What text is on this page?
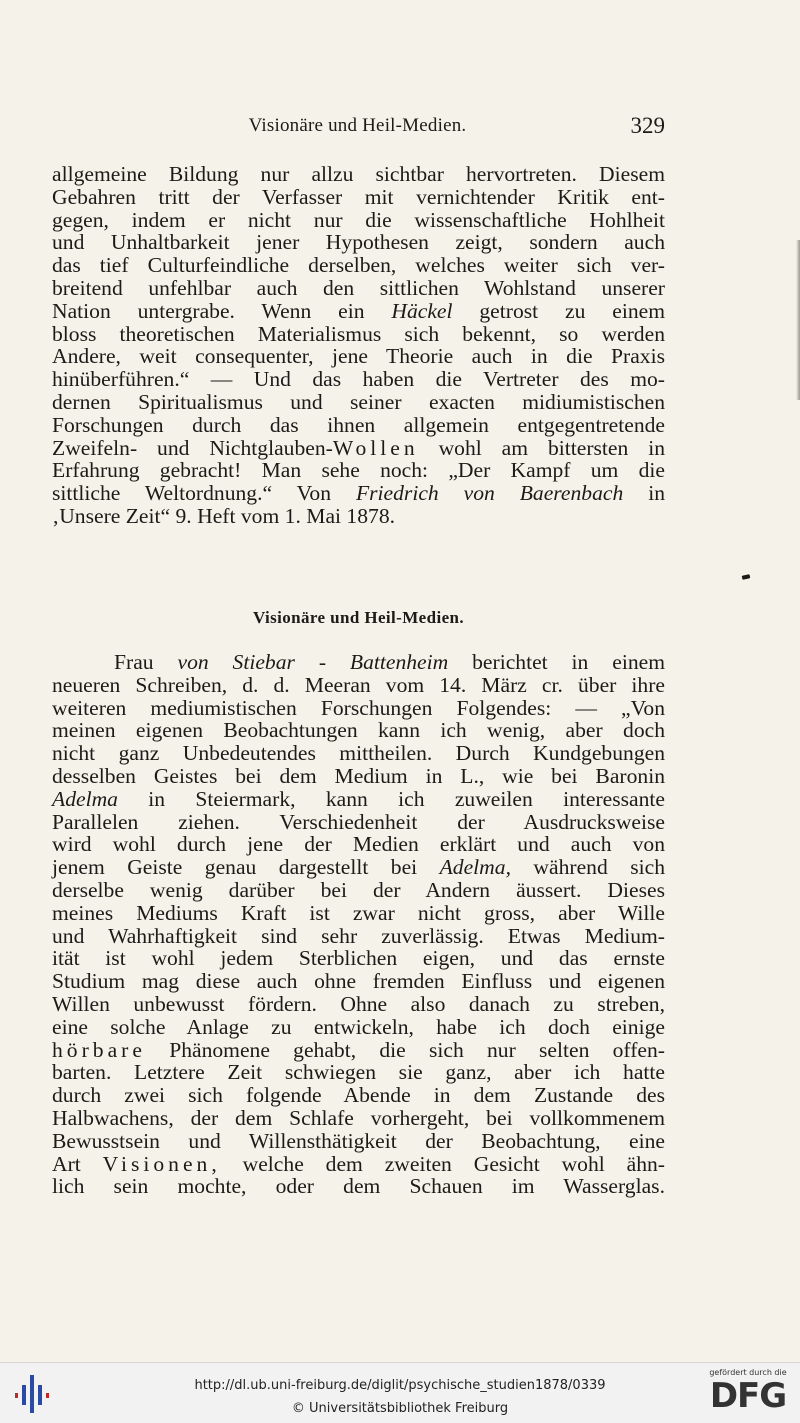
Visionäre und Heil-Medien.	329
allgemeine Bildung nur allzu sichtbar hervortreten. Diesem
Gebahren tritt der Verfasser mit vernichtender Kritik ent-
gegen, indem er nicht nur die wissenschaftliche Hohlheit
und Unhaltbarkeit jener Hypothesen zeigt, sondern auch
das tief Culturfeindliche derselben, welches weiter sich ver-
breitend unfehlbar auch den sittlichen Wohlstand unserer
Nation untergrabe. Wenn ein Häckel getrost zu einem
bloss theoretischen Materialismus sich bekennt, so werden
Andere, weit consequenter, jene Theorie auch in die Praxis
hinüberführen.“ — Und das haben die Vertreter des mo-
dernen Spiritualismus und seiner exacten midiumistischen
Forschungen durch das ihnen allgemein entgegentretende
Zweifeln- und Nichtglauben-Wollen wohl am bittersten in
Erfahrung gebracht! Man sehe noch: „Der Kampf um die
sittliche Weltordnung.“ Von Friedrich von Baerenbach in
‚Unsere Zeit“ 9. Heft vom 1. Mai 1878.
Visionäre und Heil-Medien.
Frau von Stiebar - Battenheim berichtet in einem
neueren Schreiben, d. d. Meeran vom 14. März cr. über ihre
weiteren mediumistischen Forschungen Folgendes: — „Von
meinen eigenen Beobachtungen kann ich wenig, aber doch
nicht ganz Unbedeutendes mittheilen. Durch Kundgebungen
desselben Geistes bei dem Medium in L., wie bei Baronin
Adelma in Steiermark, kann ich zuweilen interessante
Parallelen ziehen. Verschiedenheit der Ausdrucksweise
wird wohl durch jene der Medien erklärt und auch von
jenem Geiste genau dargestellt bei Adelma, während sich
derselbe wenig darüber bei der Andern äussert. Dieses
meines Mediums Kraft ist zwar nicht gross, aber Wille
und Wahrhaftigkeit sind sehr zuverlässig. Etwas Medium-
ität ist wohl jedem Sterblichen eigen, und das ernste
Studium mag diese auch ohne fremden Einfluss und eigenen
Willen unbewusst fördern. Ohne also danach zu streben,
eine solche Anlage zu entwickeln, habe ich doch einige
hörbare Phänomene gehabt, die sich nur selten offen-
barten. Letztere Zeit schwiegen sie ganz, aber ich hatte
durch zwei sich folgende Abende in dem Zustande des
Halbwachens, der dem Schlafe vorhergeht, bei vollkommenem
Bewusstsein und Willensthätigkeit der Beobachtung, eine
Art Visionen, welche dem zweiten Gesicht wohl ähn-
lich sein mochte, oder dem Schauen im Wasserglas.
http://dl.ub.uni-freiburg.de/diglit/psychische_studien1878/0339
© Universitätsbibliothek Freiburg
gefördert durch die
DFG
